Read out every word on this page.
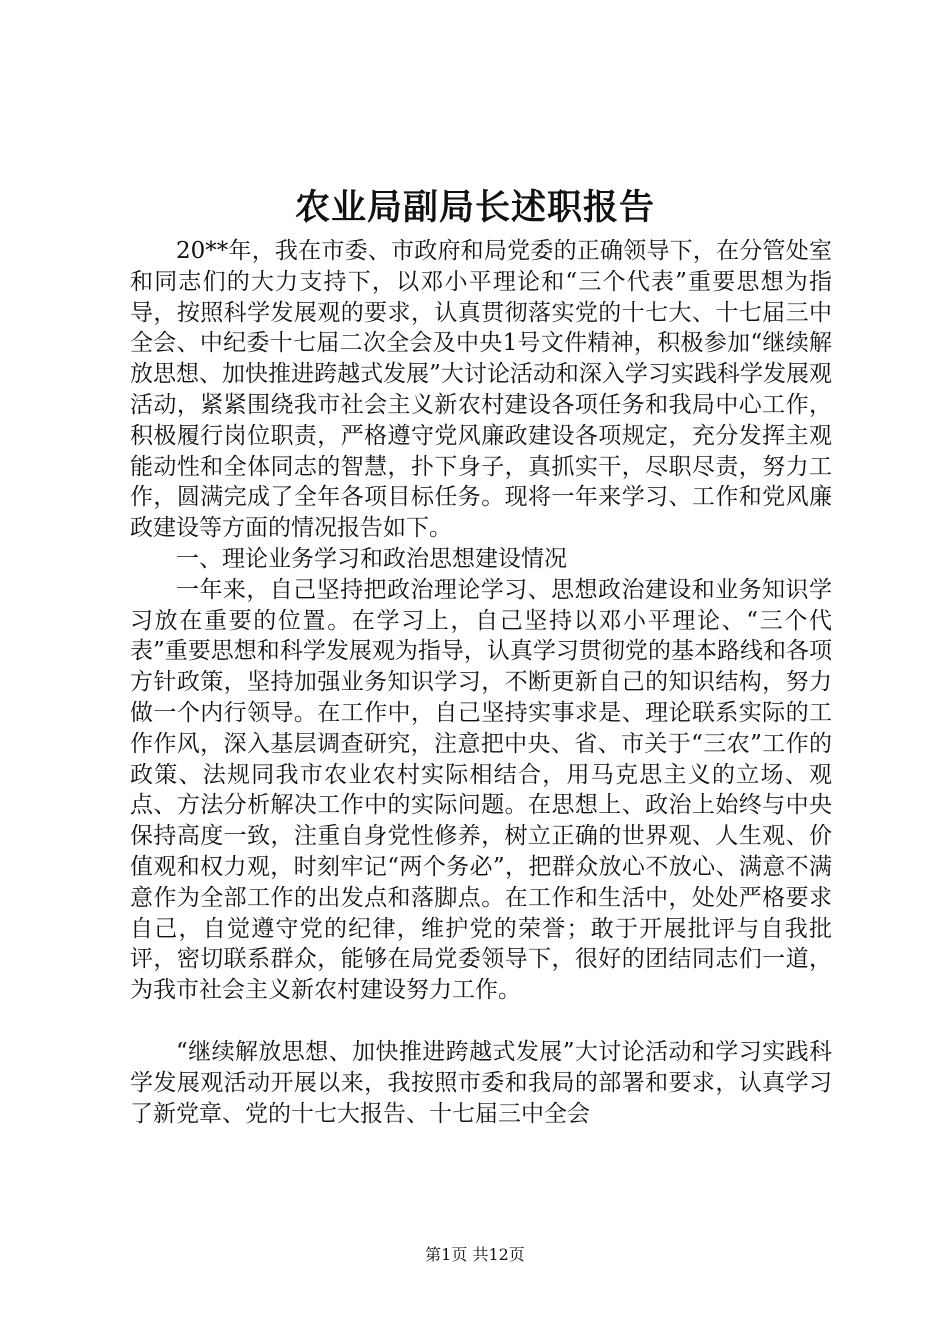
农业局副局长述职报告

20**年，我在市委、市政府和局党委的正确领导下，在分管处室和同志们的大力支持下，以邓小平理论和“三个代表”重要思想为指导，按照科学发展观的要求，认真贯彻落实党的十七大、十七届三中全会、中纪委十七届二次全会及中央1号文件精神，积极参加“继续解放思想、加快推进跨越式发展”大讨论活动和深入学习实践科学发展观活动，紧紧围绕我市社会主义新农村建设各项任务和我局中心工作，积极履行岗位职责，严格遵守党风廉政建设各项规定，充分发挥主观能动性和全体同志的智慧，扑下身子，真抓实干，尽职尽责，努力工作，圆满完成了全年各项目标任务。现将一年来学习、工作和党风廉政建设等方面的情况报告如下。

一、理论业务学习和政治思想建设情况

一年来，自己坚持把政治理论学习、思想政治建设和业务知识学习放在重要的位置。在学习上，自己坚持以邓小平理论、“三个代表”重要思想和科学发展观为指导，认真学习贯彻党的基本路线和各项方针政策，坚持加强业务知识学习，不断更新自己的知识结构，努力做一个内行领导。在工作中，自己坚持实事求是、理论联系实际的工作作风，深入基层调查研究，注意把中央、省、市关于“三农”工作的政策、法规同我市农业农村实际相结合，用马克思主义的立场、观点、方法分析解决工作中的实际问题。在思想上、政治上始终与中央保持高度一致，注重自身党性修养，树立正确的世界观、人生观、价值观和权力观，时刻牢记“两个务必”，把群众放心不放心、满意不满意作为全部工作的出发点和落脚点。在工作和生活中，处处严格要求自己，自觉遵守党的纪律，维护党的荣誉；敢于开展批评与自我批评，密切联系群众，能够在局党委领导下，很好的团结同志们一道，为我市社会主义新农村建设努力工作。

“继续解放思想、加快推进跨越式发展”大讨论活动和学习实践科学发展观活动开展以来，我按照市委和我局的部署和要求，认真学习了新党章、党的十七大报告、十七届三中全会

第1页 共12页
